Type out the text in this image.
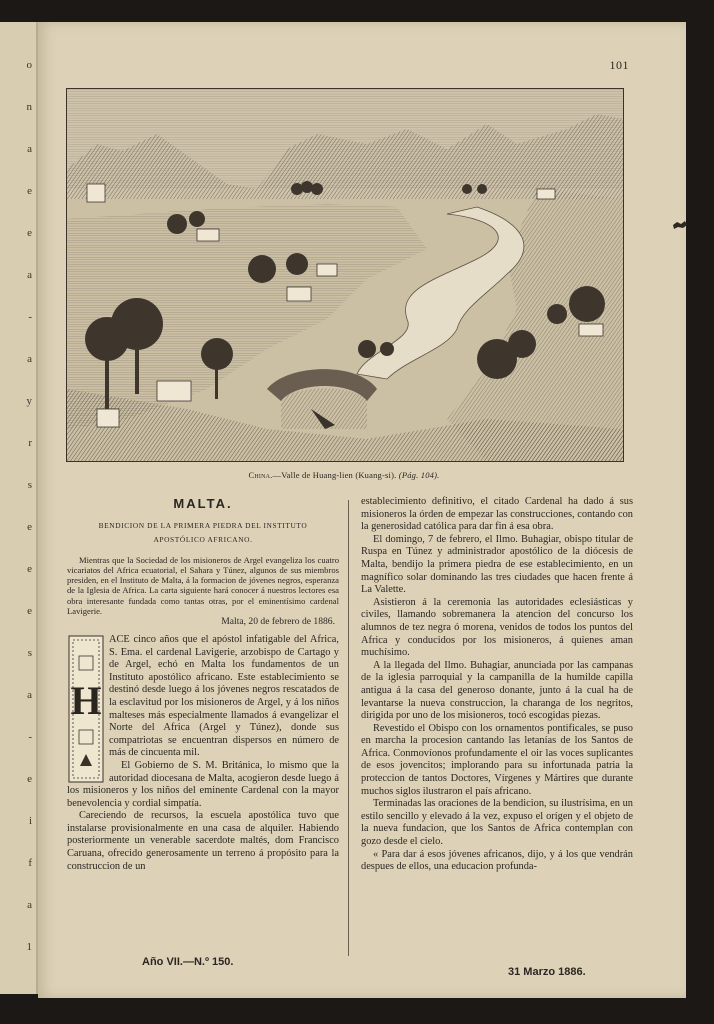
o
n
a
e
e
a
-
a
y
r
s
e
e
e
s
a
-
e
i
f
a
1
101
China.—Valle de Huang-lien (Kuang-si). (Pág. 104).
MALTA.
BENDICION DE LA PRIMERA PIEDRA DEL INSTITUTO
APOSTÓLICO AFRICANO.

Mientras que la Sociedad de los misioneros de Argel evangeliza los cuatro vicariatos del Africa ecuatorial, el Sahara y Túnez, algunos de sus miembros presiden, en el Instituto de Malta, á la formacion de jóvenes negros, esperanza de la Iglesia de Africa. La carta siguiente hará conocer á nuestros lectores esa obra interesante fundada como tantas otras, por el eminentísimo cardenal Lavigerie.

Malta, 20 de febrero de 1886.
H

ACE cinco años que el apóstol infatigable del Africa, S. Ema. el cardenal Lavigerie, arzobispo de Cartago y de Argel, echó en Malta los fundamentos de un Instituto apostólico africano. Este establecimiento se destinó desde luego á los jóvenes negros rescatados de la esclavitud por los misioneros de Argel, y á los niños malteses más especialmente llamados á evangelizar el Norte del Africa (Argel y Túnez), donde sus compatriotas se encuentran dispersos en número de más de cincuenta mil.

El Gobierno de S. M. Británica, lo mismo que la autoridad diocesana de Malta, acogieron desde luego á los misioneros y los niños del eminente Cardenal con la mayor benevolencia y cordial simpatía.

Careciendo de recursos, la escuela apostólica tuvo que instalarse provisionalmente en una casa de alquiler. Habiendo posteriormente un venerable sacerdote maltés, dom Francisco Caruana, ofrecido generosamente un terreno á propósito para la construccion de un

establecimiento definitivo, el citado Cardenal ha dado á sus misioneros la órden de empezar las construcciones, contando con la generosidad católica para dar fin á esa obra.

El domingo, 7 de febrero, el Ilmo. Buhagiar, obispo titular de Ruspa en Túnez y administrador apostólico de la diócesis de Malta, bendijo la primera piedra de ese establecimiento, en un magnífico solar dominando las tres ciudades que hacen frente á La Valette.

Asistieron á la ceremonia las autoridades eclesiásticas y civiles, llamando sobremanera la atencion del concurso los alumnos de tez negra ó morena, venidos de todos los puntos del Africa y conducidos por los misioneros, á quienes aman muchísimo.

A la llegada del Ilmo. Buhagiar, anunciada por las campanas de la iglesia parroquial y la campanilla de la humilde capilla antigua á la casa del generoso donante, junto á la cual ha de levantarse la nueva construccion, la charanga de los negritos, dirigida por uno de los misioneros, tocó escogidas piezas.

Revestido el Obispo con los ornamentos pontificales, se puso en marcha la procesion cantando las letanías de los Santos de Africa. Conmovíonos profundamente el oir las voces suplicantes de esos jovencitos; implorando para su infortunada patria la proteccion de tantos Doctores, Vírgenes y Mártires que durante muchos siglos ilustraron el país africano.

Terminadas las oraciones de la bendicion, su ilustrísima, en un estilo sencillo y elevado á la vez, expuso el orígen y el objeto de la nueva fundacion, que los Santos de Africa contemplan con gozo desde el cielo.

« Para dar á esos jóvenes africanos, dijo, y á los que vendrán despues de ellos, una educacion profunda-

Año VII.—N.º 150.
31 Marzo 1886.
